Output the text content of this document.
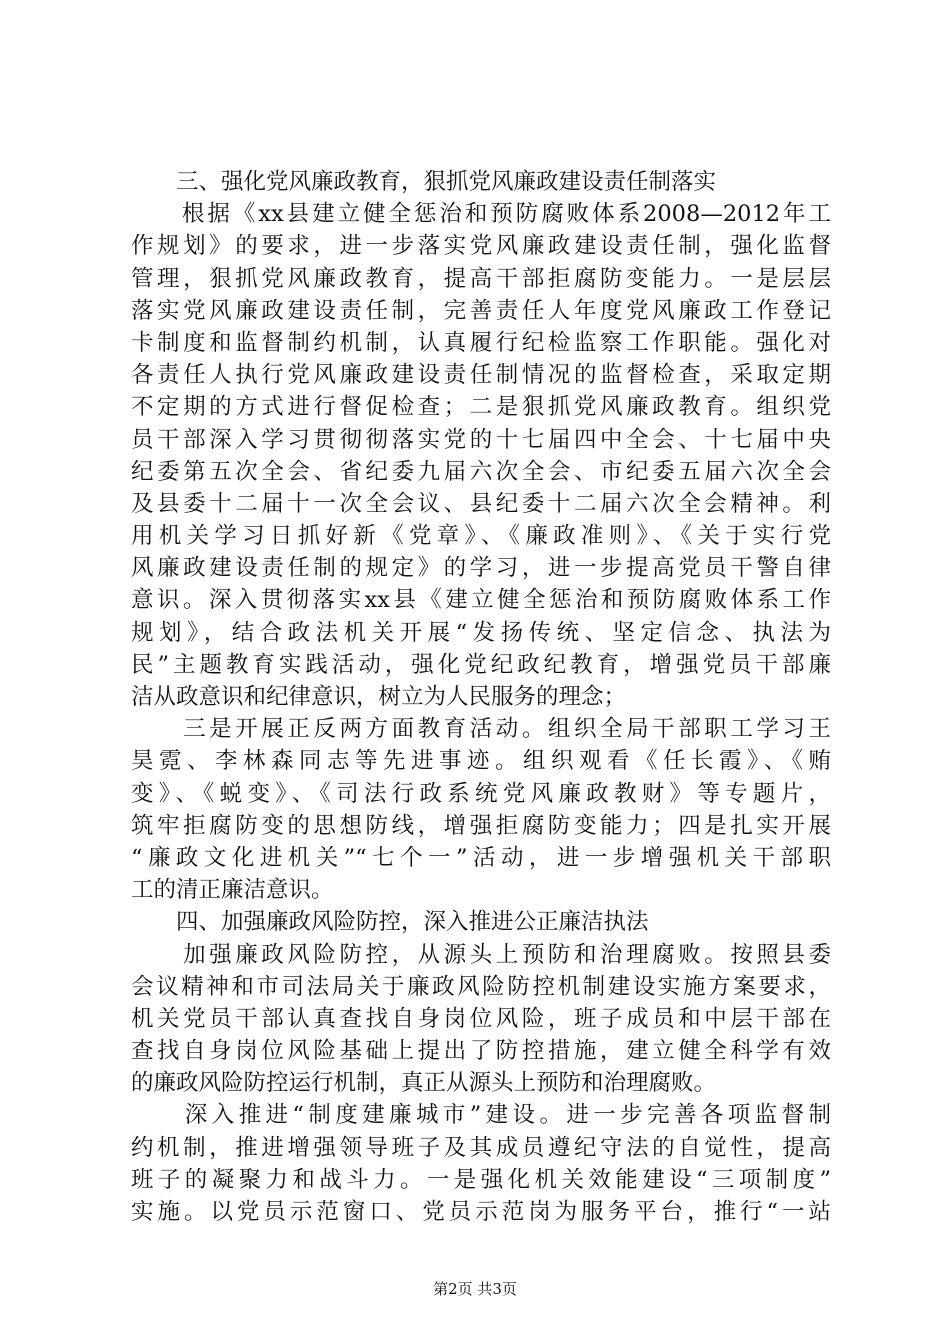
　　三、强化党风廉政教育，狠抓党风廉政建设责任制落实
　　根据《xx县建立健全惩治和预防腐败体系2008—2012年工
作规划》的要求，进一步落实党风廉政建设责任制，强化监督
管理，狠抓党风廉政教育，提高干部拒腐防变能力。一是层层
落实党风廉政建设责任制，完善责任人年度党风廉政工作登记
卡制度和监督制约机制，认真履行纪检监察工作职能。强化对
各责任人执行党风廉政建设责任制情况的监督检查，采取定期
不定期的方式进行督促检查；二是狠抓党风廉政教育。组织党
员干部深入学习贯彻彻落实党的十七届四中全会、十七届中央
纪委第五次全会、省纪委九届六次全会、市纪委五届六次全会
及县委十二届十一次全会议、县纪委十二届六次全会精神。利
用机关学习日抓好新《党章》、《廉政准则》、《关于实行党
风廉政建设责任制的规定》的学习，进一步提高党员干警自律
意识。深入贯彻落实xx县《建立健全惩治和预防腐败体系工作
规划》，结合政法机关开展“发扬传统、坚定信念、执法为
民”主题教育实践活动，强化党纪政纪教育，增强党员干部廉
洁从政意识和纪律意识，树立为人民服务的理念；
　　三是开展正反两方面教育活动。组织全局干部职工学习王
昊霓、李林森同志等先进事迹。组织观看《任长霞》、《贿
变》、《蜕变》、《司法行政系统党风廉政教财》等专题片，
筑牢拒腐防变的思想防线，增强拒腐防变能力；四是扎实开展
“廉政文化进机关”“七个一”活动，进一步增强机关干部职
工的清正廉洁意识。
　　四、加强廉政风险防控，深入推进公正廉洁执法
　　加强廉政风险防控，从源头上预防和治理腐败。按照县委
会议精神和市司法局关于廉政风险防控机制建设实施方案要求，
机关党员干部认真查找自身岗位风险，班子成员和中层干部在
查找自身岗位风险基础上提出了防控措施，建立健全科学有效
的廉政风险防控运行机制，真正从源头上预防和治理腐败。
　　深入推进“制度建廉城市”建设。进一步完善各项监督制
约机制，推进增强领导班子及其成员遵纪守法的自觉性，提高
班子的凝聚力和战斗力。一是强化机关效能建设“三项制度”
实施。以党员示范窗口、党员示范岗为服务平台，推行“一站
第2页 共3页
